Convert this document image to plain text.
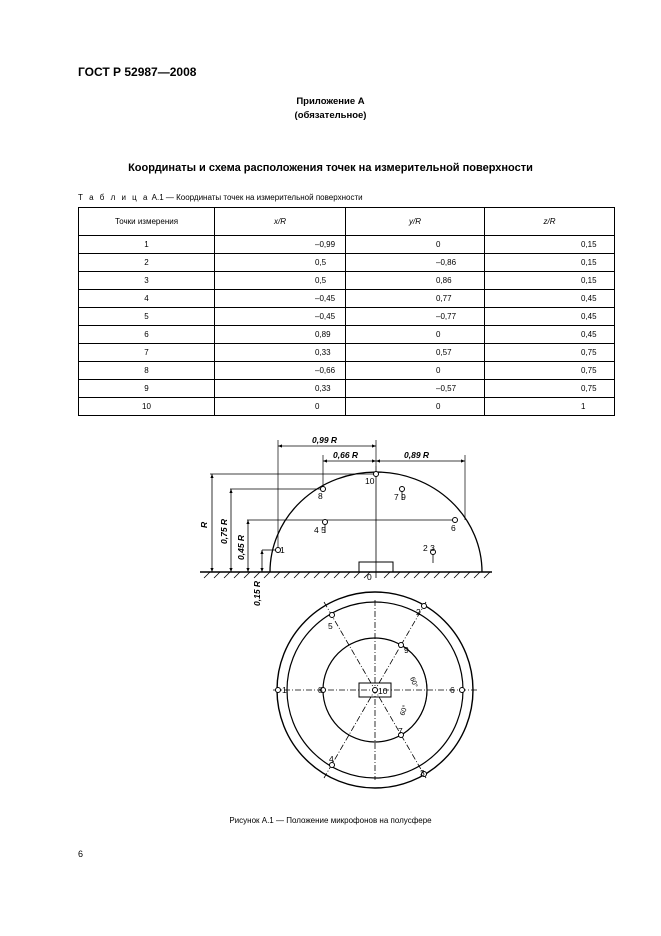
ГОСТ Р 52987—2008
Приложение А
(обязательное)
Координаты и схема расположения точек на измерительной поверхности
Т а б л и ц а А.1 — Координаты точек на измерительной поверхности
Точки измерения	x/R	y/R	z/R
1	–0,99	0	0,15
2	0,5	–0,86	0,15
3	0,5	0,86	0,15
4	–0,45	0,77	0,45
5	–0,45	–0,77	0,45
6	0,89	0	0,45
7	0,33	0,57	0,75
8	–0,66	0	0,75
9	0,33	–0,57	0,75
10	0	0	1
0,99 R
0,66 R	0,89 R
R 0,75 R
0,45 R
0,15 R
10
8	7 9
4 5	6
1	2 3
0
1
2
3
4
5
6
7
8
9
10
60°
60°
Рисунок А.1 — Положение микрофонов на полусфере
6
